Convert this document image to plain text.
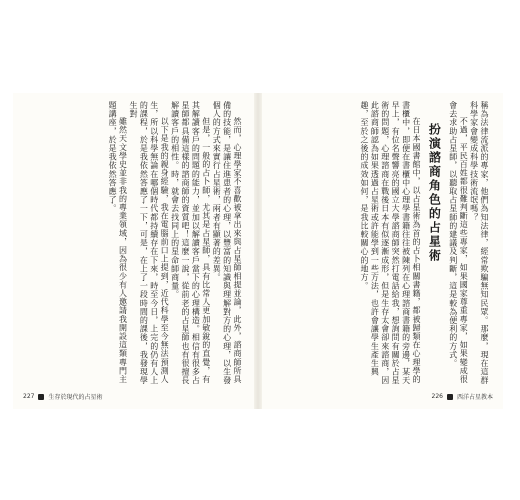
然而，心理學家不喜歡被拿出來與占星師相提並論，此外，諮商師所具備的技能，是讓住進患者的心理，以豐富的知識與理解對方的心理，以生發個人的方式來實行占星術，兩者有顯著的差異。

但是，一般的占卜師，尤其是占星師，具有比常人更加敏銳的直覺，有其解讀客戶的問題的能力，並加以解讀客戶當下的心理構造。相信有很多占星師都具備這樣的諮商師的資質吧！這麼一說，從前老的占星師也有很擅長解讀客戶的相性。時，就會去找同上的星命師商量。

以下是我的親身經驗，我在電腦前口上提到，近代科學至今無法預測人生，所以科學無論在哪個時代都持續存在下來，時至今日，上完的仍有人上的課程，於是我依然答應了一下，可是，在上了一段時間的課後，我發現學生對

雖然天文學史並非我的專業領域，因為很少有人邀請我開設這類專門主題講座，於是我依然答應了。

227 生存於現代的占星術

稱為法律流派的專家，他們為知法律，經常欺騙無知民眾。那麼，現在這群科學家會變成科學技術流氓嗎？

不過，平民百姓都很難判斷這些專家，如果國家尊重專家，如果變成很會去求助占星師，以聽取占星師的建議及判斷，這是較為便利的方式。

扮演諮商角色的占星術

在日本國書館中，以占星術為首的占卜相關書籍，都被歸類在心理學的書櫃中，即便在書櫃中心理學書籍往往被陳列在心理諮商書籍的旁邊，某天早上，有位名聲響亮的國立大學諮商師突然打電話給我，想詢問有關於占星術的問題，心理諮商在戰後日本有似逐漸成形，但是生存太會卻來諮商，因此諮商師認為如果透過占星術或許能學到一些方法，也許會讓學生產生興趣，至於之後的成效如何，是我比較關心的地方。

226 西洋占星教本
